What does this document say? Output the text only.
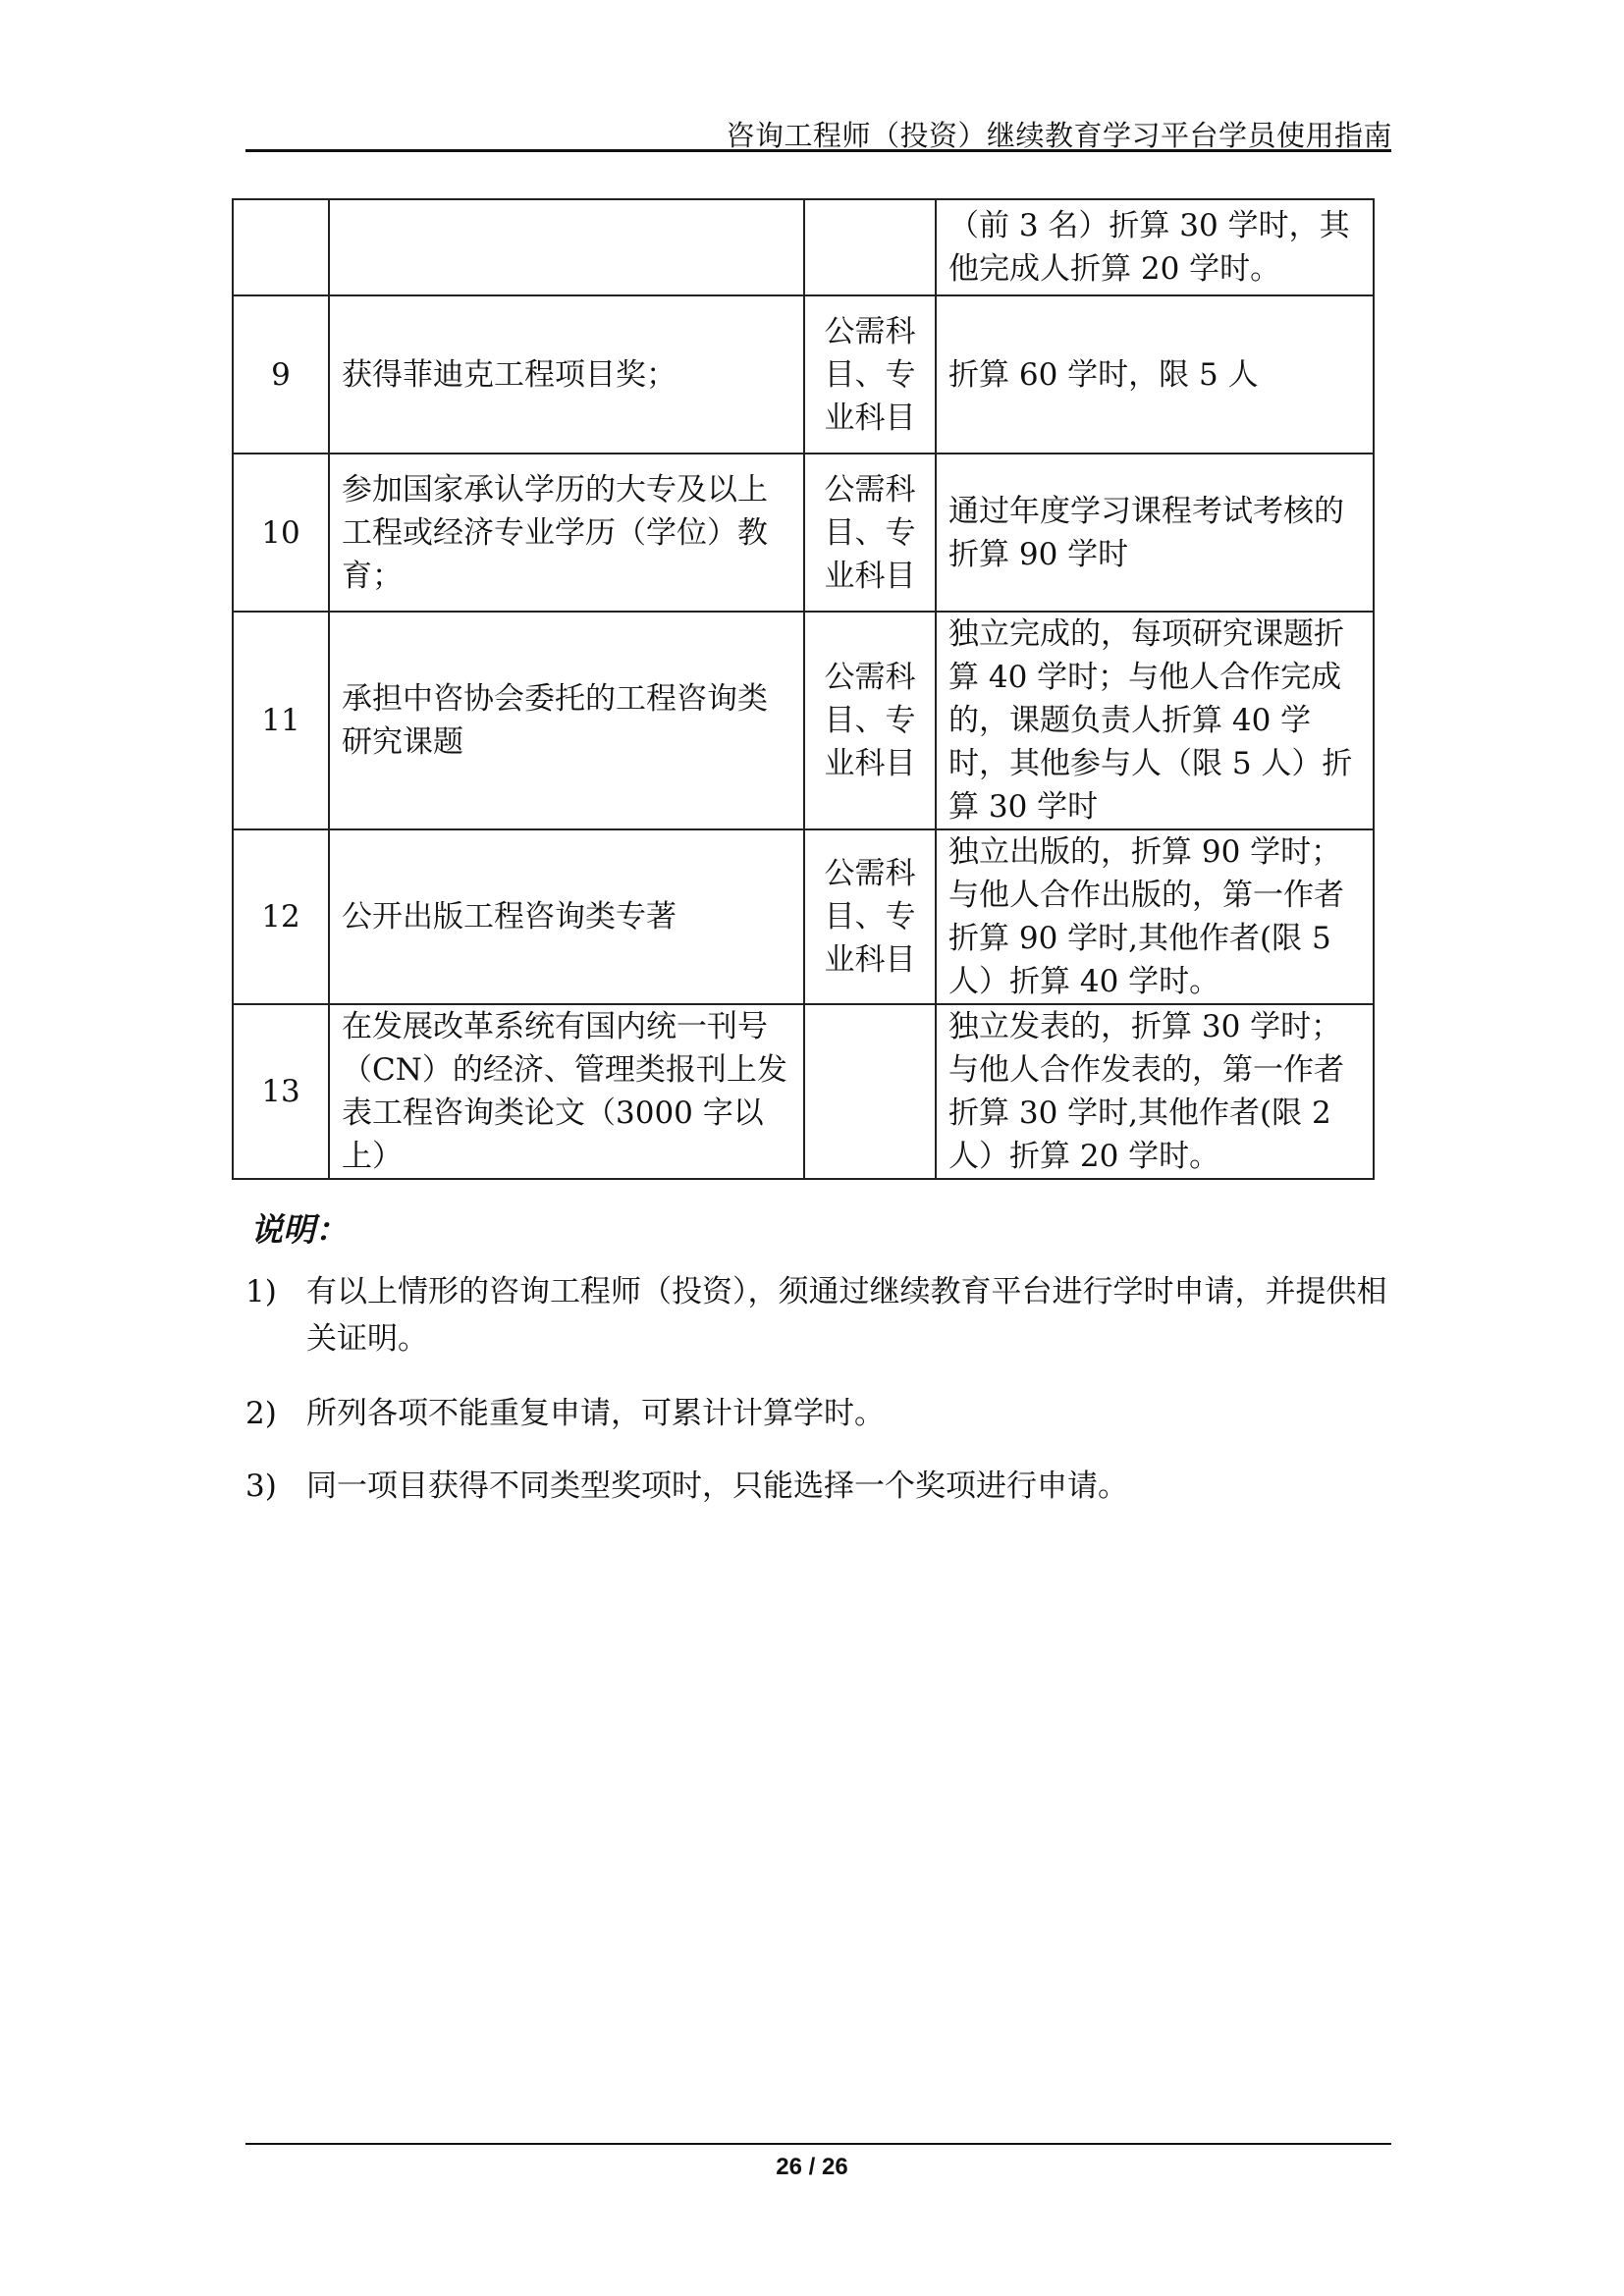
咨询工程师（投资）继续教育学习平台学员使用指南
			（前 3 名）折算 30 学时，其他完成人折算 20 学时。
9	获得菲迪克工程项目奖；	公需科目、专业科目	折算 60 学时，限 5 人
10	参加国家承认学历的大专及以上工程或经济专业学历（学位）教育；	公需科目、专业科目	通过年度学习课程考试考核的折算 90 学时
11	承担中咨协会委托的工程咨询类研究课题	公需科目、专业科目	独立完成的，每项研究课题折算 40 学时；与他人合作完成的，课题负责人折算 40 学时，其他参与人（限 5 人）折算 30 学时
12	公开出版工程咨询类专著	公需科目、专业科目	独立出版的，折算 90 学时；与他人合作出版的，第一作者折算 90 学时,其他作者(限 5 人）折算 40 学时。
13	在发展改革系统有国内统一刊号（CN）的经济、管理类报刊上发表工程咨询类论文（3000 字以上）		独立发表的，折算 30 学时；与他人合作发表的，第一作者折算 30 学时,其他作者(限 2 人）折算 20 学时。
说明：
1) 有以上情形的咨询工程师（投资），须通过继续教育平台进行学时申请，并提供相关证明。
2) 所列各项不能重复申请，可累计计算学时。
3) 同一项目获得不同类型奖项时，只能选择一个奖项进行申请。
26 / 26
